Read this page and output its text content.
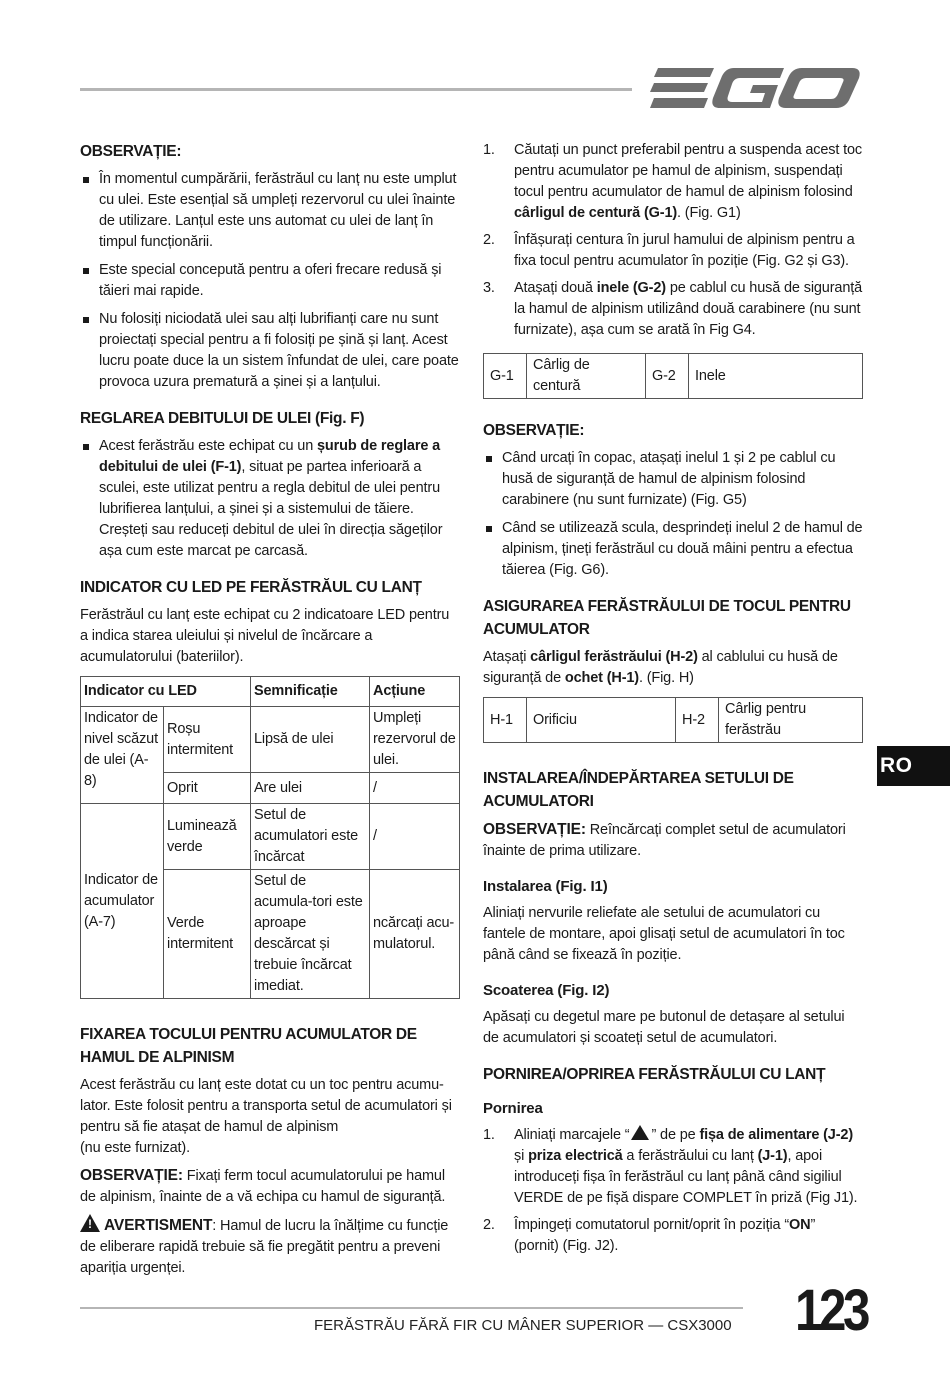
OBSERVAȚIE:
În momentul cumpărării, ferăstrăul cu lanț nu este umplut cu ulei. Este esențial să umpleți rezervorul cu ulei înainte de utilizare. Lanțul este uns automat cu ulei de lanț în timpul funcționării.
Este special concepută pentru a oferi frecare redusă și tăieri mai rapide.
Nu folosiți niciodată ulei sau alți lubrifianți care nu sunt proiectați special pentru a fi folosiți pe șină și lanț. Acest lucru poate duce la un sistem înfundat de ulei, care poate provoca uzura prematură a șinei și a lanțului.
REGLAREA DEBITULUI DE ULEI (Fig. F)
Acest ferăstrău este echipat cu un șurub de reglare a debitului de ulei (F-1), situat pe partea inferioară a sculei, este utilizat pentru a regla debitul de ulei pentru lubrifierea lanțului, a șinei și a sistemului de tăiere. Creșteți sau reduceți debitul de ulei în direcția săgeților așa cum este marcat pe carcasă.
INDICATOR CU LED PE FERĂSTRĂUL CU LANȚ

Ferăstrăul cu lanț este echipat cu 2 indicatoare LED pentru a indica starea uleiului și nivelul de încărcare a acumulatorului (bateriilor).

Indicator cu LED		Semnificație	Acțiune
Indicator de nivel scăzut de ulei (A-8)	Roșu intermitent	Lipsă de ulei	Umpleți rezervorul de ulei.
	Oprit	Are ulei	/
Indicator de acumulator (A-7)	Luminează verde	Setul de acumulatori este încărcat	/
	Verde intermitent	Setul de acumula-tori este aproape descărcat și trebuie încărcat imediat.	ncărcați acu-mulatorul.
FIXAREA TOCULUI PENTRU ACUMULATOR DE HAMUL DE ALPINISM

Acest ferăstrău cu lanț este dotat cu un toc pentru acumu-lator. Este folosit pentru a transporta setul de acumulatori și pentru să fie atașat de hamul de alpinism

(nu este furnizat).

OBSERVAȚIE: Fixați ferm tocul acumulatorului pe hamul de alpinism, înainte de a vă echipa cu hamul de siguranță.

!AVERTISMENT: Hamul de lucru la înălțime cu funcție de eliberare rapidă trebuie să fie pregătit pentru a preveni apariția urgenței.

1. Căutați un punct preferabil pentru a suspenda acest toc pentru acumulator pe hamul de alpinism, suspendați tocul pentru acumulator de hamul de alpinism folosind cârligul de centură (G-1). (Fig. G1)
2. Înfășurați centura în jurul hamului de alpinism pentru a fixa tocul pentru acumulator în poziție (Fig. G2 și G3).
3. Atașați două inele (G-2) pe cablul cu husă de siguranță la hamul de alpinism utilizând două carabinere (nu sunt furnizate), așa cum se arată în Fig G4.
G-1	Cârlig de centură	G-2	Inele
OBSERVAȚIE:
Când urcați în copac, atașați inelul 1 și 2 pe cablul cu husă de siguranță de hamul de alpinism folosind carabinere (nu sunt furnizate) (Fig. G5)
Când se utilizează scula, desprindeți inelul 2 de hamul de alpinism, țineți ferăstrăul cu două mâini pentru a efectua tăierea (Fig. G6).
ASIGURAREA FERĂSTRĂULUI DE TOCUL PENTRU ACUMULATOR

Atașați cârligul ferăstrăului (H-2) al cablului cu husă de siguranță de ochet (H-1). (Fig. H)

H-1	Orificiu	H-2	Cârlig pentru ferăstrău
INSTALAREA/ÎNDEPĂRTAREA SETULUI DE ACUMULATORI

OBSERVAȚIE: Reîncărcați complet setul de acumulatori înainte de prima utilizare.

Instalarea (Fig. I1)

Aliniați nervurile reliefate ale setului de acumulatori cu fantele de montare, apoi glisați setul de acumulatori în toc până când se fixează în poziție.

Scoaterea (Fig. I2)

Apăsați cu degetul mare pe butonul de detașare al setului de acumulatori și scoateți setul de acumulatori.

PORNIREA/OPRIREA FERĂSTRĂULUI CU LANȚ
Pornirea
1. Aliniați marcajele “ ” de pe fișa de alimentare (J-2) și priza electrică a ferăstrăului cu lanț (J-1), apoi introduceți fișa în ferăstrăul cu lanț până când sigiliul VERDE de pe fișă dispare COMPLET în priză (Fig J1).
2. Împingeți comutatorul pornit/oprit în poziția “ON” (pornit) (Fig. J2).
RO
FERĂSTRĂU FĂRĂ FIR CU MÂNER SUPERIOR — CSX3000 123
